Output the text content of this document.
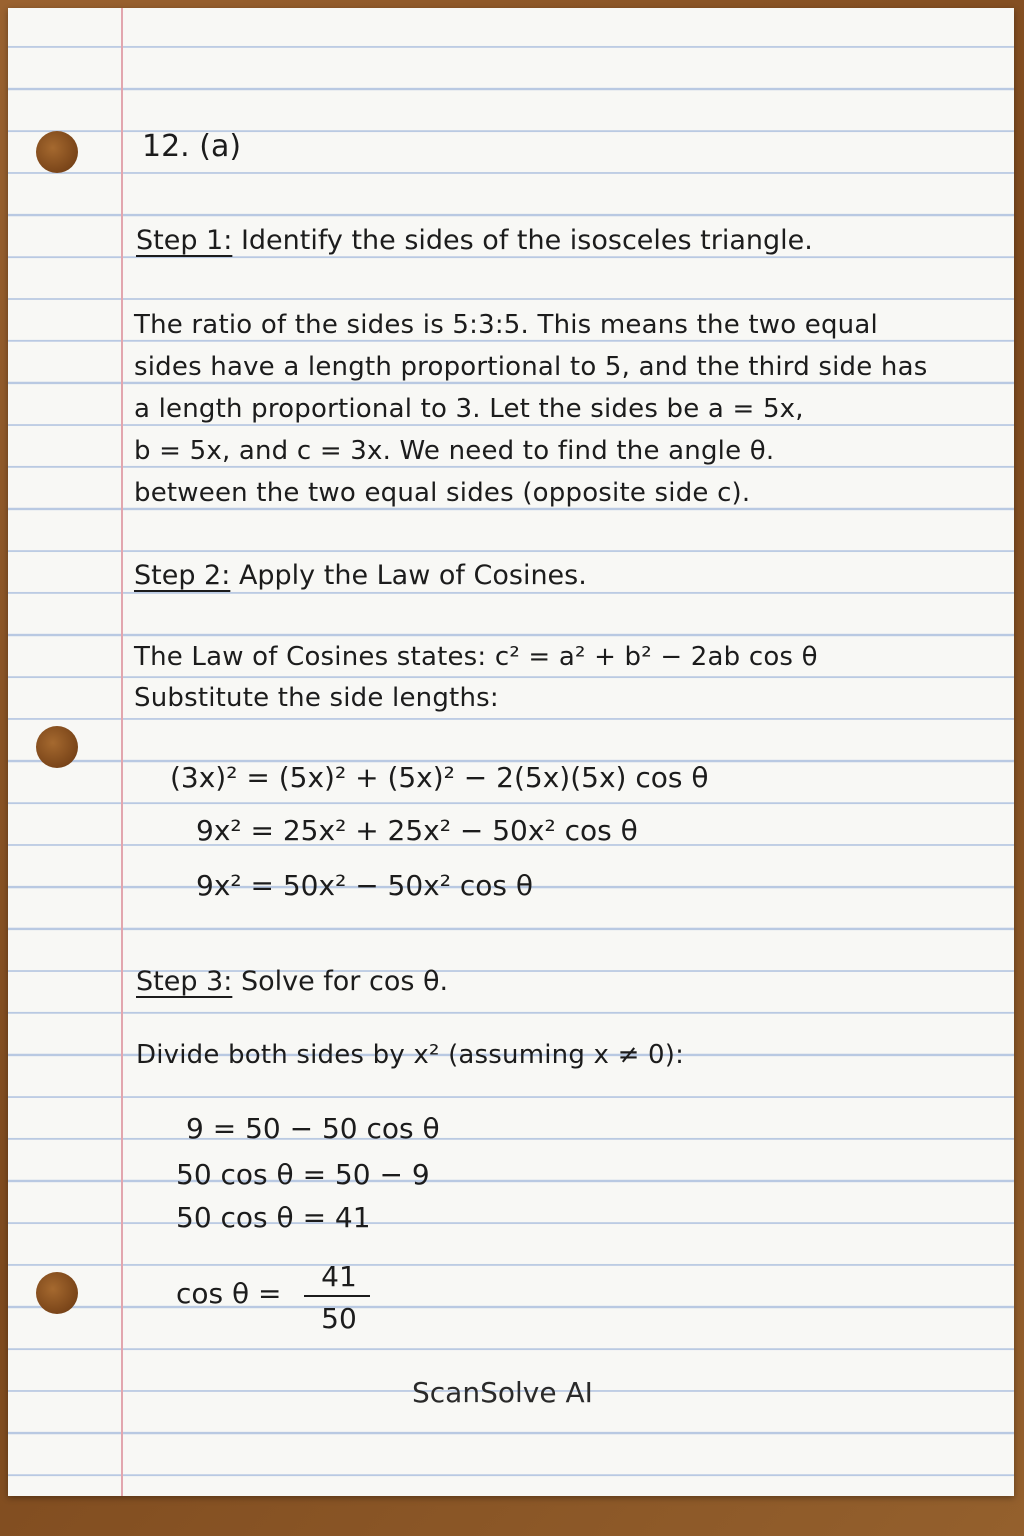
12. (a)
Step 1: Identify the sides of the isosceles triangle.
The ratio of the sides is 5:3:5. This means the two equal
sides have a length proportional to 5, and the third side has
a length proportional to 3. Let the sides be a = 5x,
b = 5x, and c = 3x. We need to find the angle θ.
between the two equal sides (opposite side c).
Step 2: Apply the Law of Cosines.
The Law of Cosines states: c² = a² + b² − 2ab cos θ
Substitute the side lengths:
(3x)² = (5x)² + (5x)² − 2(5x)(5x) cos θ
9x² = 25x² + 25x² − 50x² cos θ
9x² = 50x² − 50x² cos θ
Step 3: Solve for cos θ.
Divide both sides by x² (assuming x ≠ 0):
9 = 50 − 50 cos θ
50 cos θ = 50 − 9
50 cos θ = 41
cos θ =
41
50
ScanSolve AI
